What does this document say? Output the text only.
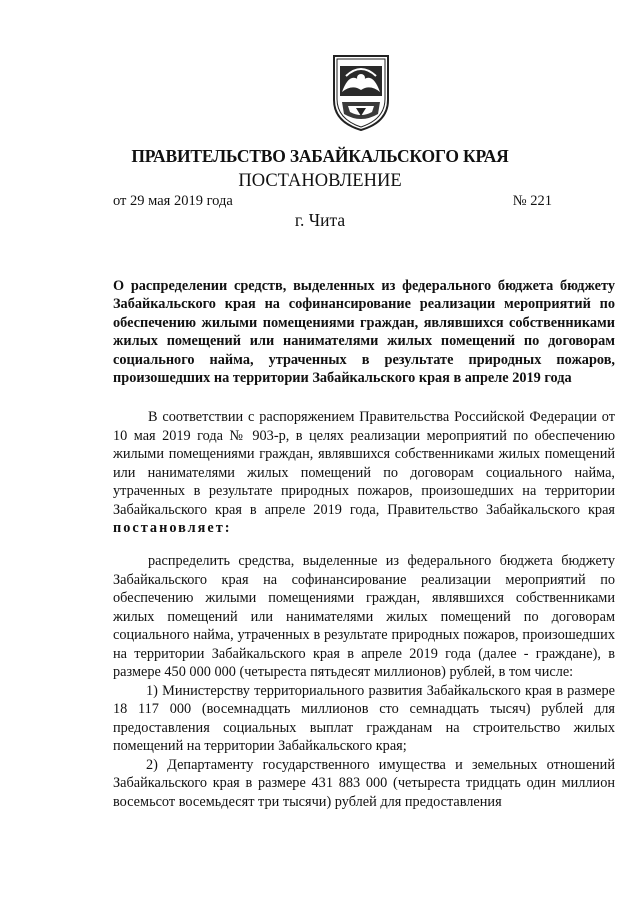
ПРАВИТЕЛЬСТВО ЗАБАЙКАЛЬСКОГО КРАЯ
ПОСТАНОВЛЕНИЕ
от 29 мая 2019 года	№ 221
г. Чита
О распределении средств, выделенных из федерального бюджета бюджету Забайкальского края на софинансирование реализации мероприятий по обеспечению жилыми помещениями граждан, являвшихся собственниками жилых помещений или нанимателями жилых помещений по договорам социального найма, утраченных в результате природных пожаров, произошедших на территории Забайкальского края в апреле 2019 года
В соответствии с распоряжением Правительства Российской Федерации от 10 мая 2019 года № 903-р, в целях реализации мероприятий по обеспечению жилыми помещениями граждан, являвшихся собственниками жилых помещений или нанимателями жилых помещений по договорам социального найма, утраченных в результате природных пожаров, произошедших на территории Забайкальского края в апреле 2019 года, Правительство Забайкальского края постановляет:
распределить средства, выделенные из федерального бюджета бюджету Забайкальского края на софинансирование реализации мероприятий по обеспечению жилыми помещениями граждан, являвшихся собственниками жилых помещений или нанимателями жилых помещений по договорам социального найма, утраченных в результате природных пожаров, произошедших на территории Забайкальского края в апреле 2019 года (далее - граждане), в размере 450 000 000 (четыреста пятьдесят миллионов) рублей, в том числе:
1) Министерству территориального развития Забайкальского края в размере 18 117 000 (восемнадцать миллионов сто семнадцать тысяч) рублей для предоставления социальных выплат гражданам на строительство жилых помещений на территории Забайкальского края;
2) Департаменту государственного имущества и земельных отношений Забайкальского края в размере 431 883 000 (четыреста тридцать один миллион восемьсот восемьдесят три тысячи) рублей для предоставления
